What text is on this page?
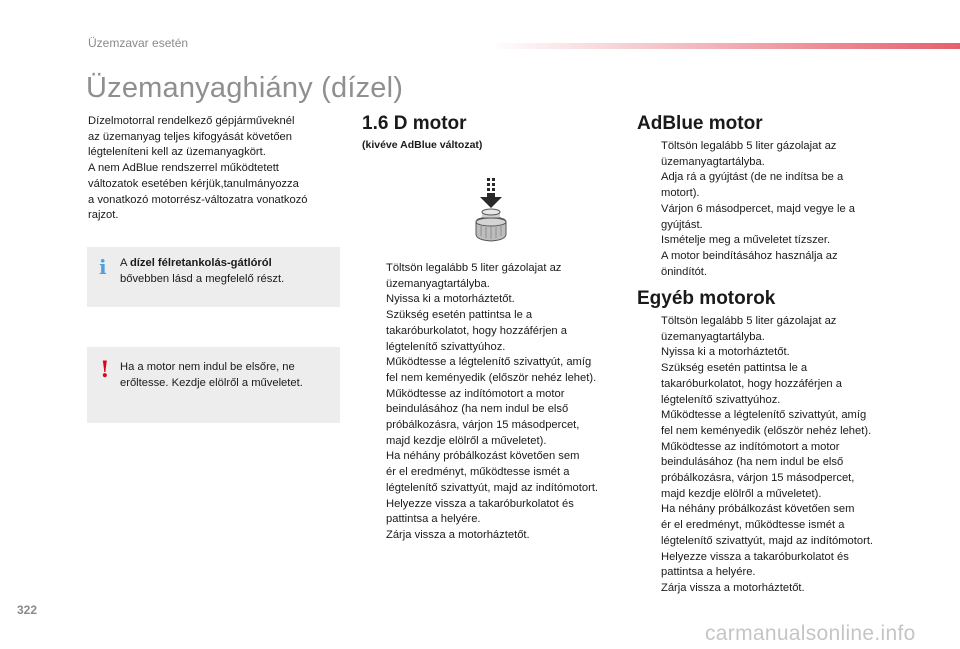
Üzemzavar esetén
Üzemanyaghiány (dízel)

Dízelmotorral rendelkező gépjárműveknél
az üzemanyag teljes kifogyását követően
légteleníteni kell az üzemanyagkört.
A nem AdBlue rendszerrel működtetett
változatok esetében kérjük,tanulmányozza
a vonatkozó motorrész-változatra vonatkozó
rajzot.

i A dízel félretankolás-gátlóról
bővebben lásd a megfelelő részt.

! Ha a motor nem indul be elsőre, ne
erőltesse. Kezdje elölről a műveletet.

1.6 D motor

(kivéve AdBlue változat)

Töltsön legalább 5 liter gázolajat az
üzemanyagtartályba.
Nyissa ki a motorháztetőt.
Szükség esetén pattintsa le a
takaróburkolatot, hogy hozzáférjen a
légtelenítő szivattyúhoz.
Működtesse a légtelenítő szivattyút, amíg
fel nem keményedik (először nehéz lehet).
Működtesse az indítómotort a motor
beindulásához (ha nem indul be első
próbálkozásra, várjon 15 másodpercet,
majd kezdje elölről a műveletet).
Ha néhány próbálkozást követően sem
ér el eredményt, működtesse ismét a
légtelenítő szivattyút, majd az indítómotort.
Helyezze vissza a takaróburkolatot és
pattintsa a helyére.
Zárja vissza a motorháztetőt.
AdBlue motor
Töltsön legalább 5 liter gázolajat az
üzemanyagtartályba.
Adja rá a gyújtást (de ne indítsa be a
motort).
Várjon 6 másodpercet, majd vegye le a
gyújtást.
Ismételje meg a műveletet tízszer.
A motor beindításához használja az
önindítót.
Egyéb motorok
Töltsön legalább 5 liter gázolajat az
üzemanyagtartályba.
Nyissa ki a motorháztetőt.
Szükség esetén pattintsa le a
takaróburkolatot, hogy hozzáférjen a
légtelenítő szivattyúhoz.
Működtesse a légtelenítő szivattyút, amíg
fel nem keményedik (először nehéz lehet).
Működtesse az indítómotort a motor
beindulásához (ha nem indul be első
próbálkozásra, várjon 15 másodpercet,
majd kezdje elölről a műveletet).
Ha néhány próbálkozást követően sem
ér el eredményt, működtesse ismét a
légtelenítő szivattyút, majd az indítómotort.
Helyezze vissza a takaróburkolatot és
pattintsa a helyére.
Zárja vissza a motorháztetőt.
322
carmanualsonline.info
